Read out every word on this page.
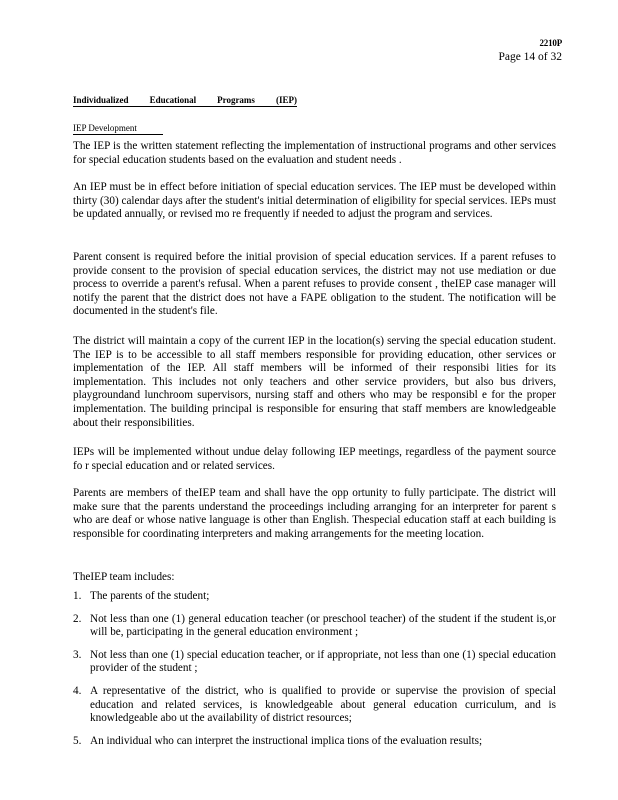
2210P
Page 14 of 32
Individualized Educational Programs (IEP)
IEP Development

The IEP is the written statement reflecting the implementation of instructional programs and other services for special education students based on the evaluation and student needs .

An IEP must be in effect before initiation of special education services. The IEP must be developed within thirty (30) calendar days after the student's initial determination of eligibility for special services. IEPs must be updated annually, or revised mo re frequently if needed to adjust the program and services.

Parent consent is required before the initial provision of special education services. If a parent refuses to provide consent to the provision of special education services, the district may not use mediation or due process to override a parent's refusal. When a parent refuses to provide consent , theIEP case manager will notify the parent that the district does not have a FAPE obligation to the student. The notification will be documented in the student's file.

The district will maintain a copy of the current IEP in the location(s) serving the special education student. The IEP is to be accessible to all staff members responsible for providing education, other services or implementation of the IEP. All staff members will be informed of their responsibi lities for its implementation. This includes not only teachers and other service providers, but also bus drivers, playgroundand lunchroom supervisors, nursing staff and others who may be responsibl e for the proper implementation. The building principal is responsible for ensuring that staff members are knowledgeable about their responsibilities.

IEPs will be implemented without undue delay following IEP meetings, regardless of the payment source fo r special education and or related services.

Parents are members of theIEP team and shall have the opp ortunity to fully participate. The district will make sure that the parents understand the proceedings including arranging for an interpreter for parent s who are deaf or whose native language is other than English. Thespecial education staff at each building is responsible for coordinating interpreters and making arrangements for the meeting location.

TheIEP team includes:

1. The parents of the student;
2. Not less than one (1) general education teacher (or preschool teacher) of the student if the student is,or will be, participating in the general education environment ;
3. Not less than one (1) special education teacher, or if appropriate, not less than one (1) special education provider of the student ;
4. A representative of the district, who is qualified to provide or supervise the provision of special education and related services, is knowledgeable about general education curriculum, and is knowledgeable abo ut the availability of district resources;
5. An individual who can interpret the instructional implica tions of the evaluation results;
